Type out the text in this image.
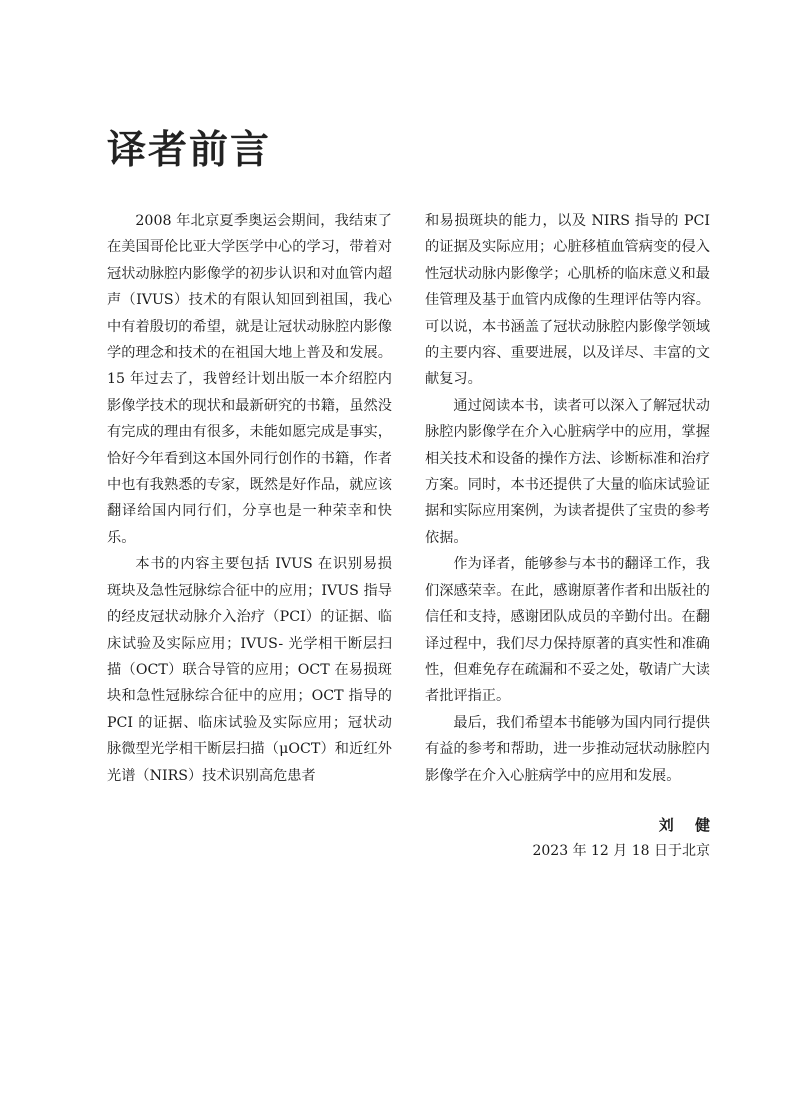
译者前言

2008 年北京夏季奥运会期间，我结束了在美国哥伦比亚大学医学中心的学习，带着对冠状动脉腔内影像学的初步认识和对血管内超声（IVUS）技术的有限认知回到祖国，我心中有着殷切的希望，就是让冠状动脉腔内影像学的理念和技术的在祖国大地上普及和发展。15 年过去了，我曾经计划出版一本介绍腔内影像学技术的现状和最新研究的书籍，虽然没有完成的理由有很多，未能如愿完成是事实，恰好今年看到这本国外同行创作的书籍，作者中也有我熟悉的专家，既然是好作品，就应该翻译给国内同行们，分享也是一种荣幸和快乐。

本书的内容主要包括 IVUS 在识别易损斑块及急性冠脉综合征中的应用；IVUS 指导的经皮冠状动脉介入治疗（PCI）的证据、临床试验及实际应用；IVUS- 光学相干断层扫描（OCT）联合导管的应用；OCT 在易损斑块和急性冠脉综合征中的应用；OCT 指导的 PCI 的证据、临床试验及实际应用；冠状动脉微型光学相干断层扫描（μOCT）和近红外光谱（NIRS）技术识别高危患者

和易损斑块的能力，以及 NIRS 指导的 PCI 的证据及实际应用；心脏移植血管病变的侵入性冠状动脉内影像学；心肌桥的临床意义和最佳管理及基于血管内成像的生理评估等内容。可以说，本书涵盖了冠状动脉腔内影像学领域的主要内容、重要进展，以及详尽、丰富的文献复习。

通过阅读本书，读者可以深入了解冠状动脉腔内影像学在介入心脏病学中的应用，掌握相关技术和设备的操作方法、诊断标准和治疗方案。同时，本书还提供了大量的临床试验证据和实际应用案例，为读者提供了宝贵的参考依据。

作为译者，能够参与本书的翻译工作，我们深感荣幸。在此，感谢原著作者和出版社的信任和支持，感谢团队成员的辛勤付出。在翻译过程中，我们尽力保持原著的真实性和准确性，但难免存在疏漏和不妥之处，敬请广大读者批评指正。

最后，我们希望本书能够为国内同行提供有益的参考和帮助，进一步推动冠状动脉腔内影像学在介入心脏病学中的应用和发展。

刘 健
2023 年 12 月 18 日于北京
